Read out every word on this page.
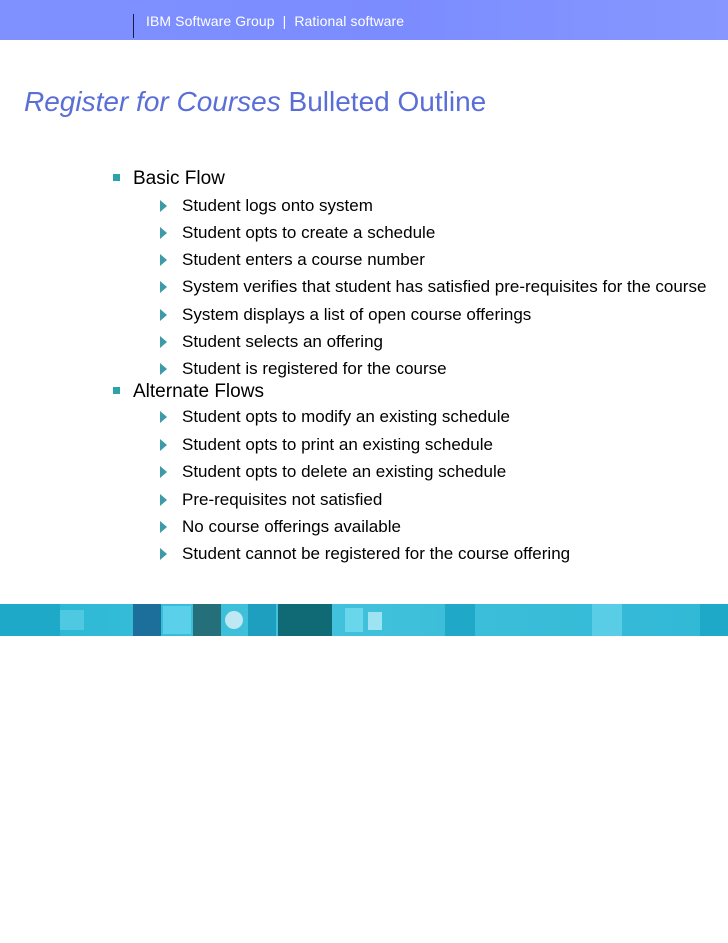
IBM Software Group  |  Rational software
Register for Courses Bulleted Outline
Basic Flow
Student logs onto system
Student opts to create a schedule
Student enters a course number
System verifies that student has satisfied pre-requisites for the course
System displays a list of open course offerings
Student selects an offering
Student is registered for the course
Alternate Flows
Student opts to modify an existing schedule
Student opts to print an existing schedule
Student opts to delete an existing schedule
Pre-requisites not satisfied
No course offerings available
Student cannot be registered for the course offering
